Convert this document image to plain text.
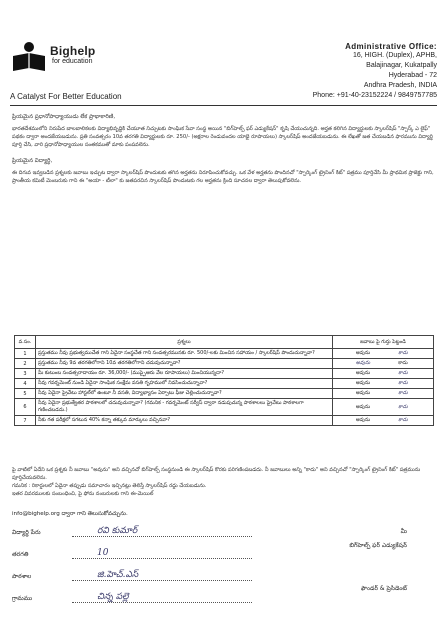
Bighelp
for education
A Catalyst For Better Education
Administrative Office:
16, HIGH. (Duplex), APHB,
Balajinagar, Kukatpally
Hyderabad - 72
Andhra Pradesh, INDIA
Phone: +91-40-23152224 / 9849757785
ప్రియమైన ప్రధానోపాధ్యాయుడు లేక ప్రాథాకారిణి,
భారతదేశములోని నిరుపేద బాలబాలికలకు విద్యాభివృద్ధికి చేయూత నిచ్చుటకు సాంఘిక సేవా సంస్థ అయిన "బిగ్‌హెల్ప్ ఫర్ ఎడ్యుకేషన్" కృషి చేయుచున్నది. అర్హత కలిగిన విద్యార్థులకు స్కాలర్‌షిప్ "స్పార్క్ ఎ లైఫ్" పథకం ద్వారా అందజేయబడును. ప్రతి సంవత్సరం 10వ తరగతి విద్యార్థులకు రూ. 250/- (అక్షరాల రెండువందల యాభై రూపాయలు) స్కాలర్‌షిప్ అందజేయబడును. ఈ లేఖతో జత చేయబడిన ఫారమును విద్యార్థి పూర్తి చేసి, వారి ప్రధానోపాధ్యాయుల సంతకముతో మాకు పంపవలెను.
ప్రియమైన విద్యార్థి,
ఈ దిగువ ఇవ్వబడిన ప్రశ్నలకు జవాబు ఇచ్చుట ద్వారా స్కాలర్‌షిప్ పొందుటకు తగిన అర్హతను నిరూపించుకోవచ్చు. ఒక వేళ అర్హతను పొందినచో "స్పార్కింగ్ ట్రైనింగ్ కిట్" పత్రము పూర్తిచేసి మీ ప్రాథమిక ప్రాజెక్టు గాని, ప్రాంతీయ కమిటీ మెంబరుకు గాని ఈ "అయా - టీలా" కు జతపరచిన స్కాలర్‌షిప్ పొందుటకు గల అర్హతను క్రింది సూచనల ద్వారా తెలుపుకోవలెను.
వ.సం.	ప్రశ్నలు	జవాబు పై గుర్తు పెట్టండి
1	ప్రస్తుతము నీవు ప్రభుత్వముచేత గాని ఏదైనా సంస్థచేత గాని సంవత్సరమునకు రూ. 500/-లకు మించిన సహాయం / స్కాలర్‌షిప్ పొందుచున్నావా?	అవును కాదు
2	ప్రస్తుతము నీవు 9వ తరగతిలోగాని 10వ తరగతిలోగాని చదువుచున్నావా?	అవును కాదు
3	మీ కుటుంబ సంవత్సరాదాయం రూ. 36,000/- (ముప్పైఆరు వేల రూపాయలు) మించియున్నదా?	అవును కాదు
4	నీవు గవర్నమెంట్ నుండి ఏదైనా సాంఘిక సంక్షేమ వసతి గృహములో నివసించుచున్నావా?	అవును కాదు
5	నీవు ఏదైనా ప్రైవేటు హాస్టల్‌లో ఉంటూ నీ వసతి, విద్యాభ్యాసం ఏర్పాటు ఫీజు చెల్లించుచున్నావా?	అవును కాదు
6	నీవు ఏదైనా ప్రభుత్వేతర పాఠశాలలో చదువుచున్నావా? (గమనిక - గవర్నమెంట్ సర్వీస్ ద్వారా నడుపుచున్న పాఠశాలలు ప్రైవేటు పాఠశాలగా గణించబడదు.)	అవును కాదు
7	నీకు గత పరీక్షలో సగటున 40% కన్నా తక్కువ మార్కులు వచ్చినవా?	అవును కాదు
పై వాటిలో ఏదేని ఒక ప్రశ్నకు నీ జవాబు "అవును" అని వచ్చినచో బిగ్‌హెల్ప్ సంస్థనుండి ఈ స్కాలర్‌షిప్ కొరకు పరిగణింపబడదు. నీ జవాబులు అన్ని "కాదు" అని వచ్చినచో "స్పార్కింగ్ ట్రైనింగ్ కిట్" పత్రమును పూర్తిచేయవలెను.
గమనిక : రికార్డులలో ఏదైనా తప్పుడు సమాచారం ఇచ్చినట్లు తెలిస్తే స్కాలర్‌షిప్ రద్దు చేయబడును.
ఇతర వివరములకు సంబంధించి, పై ఫోను నంబరులకు గాని ఈ-మెయిల్
info@bighelp.org ద్వారా గాని తెలుసుకోవచ్చును.
విద్యార్థి పేరు	రవి కుమార్
తరగతి	10
పాఠశాల	జి.హెచ్.ఎస్
గ్రామము	చిన్న పల్లె
మీ
బిగ్‌హెల్ప్ ఫర్ ఎడ్యుకేషన్
ఫౌండర్ & ప్రెసిడెంట్
